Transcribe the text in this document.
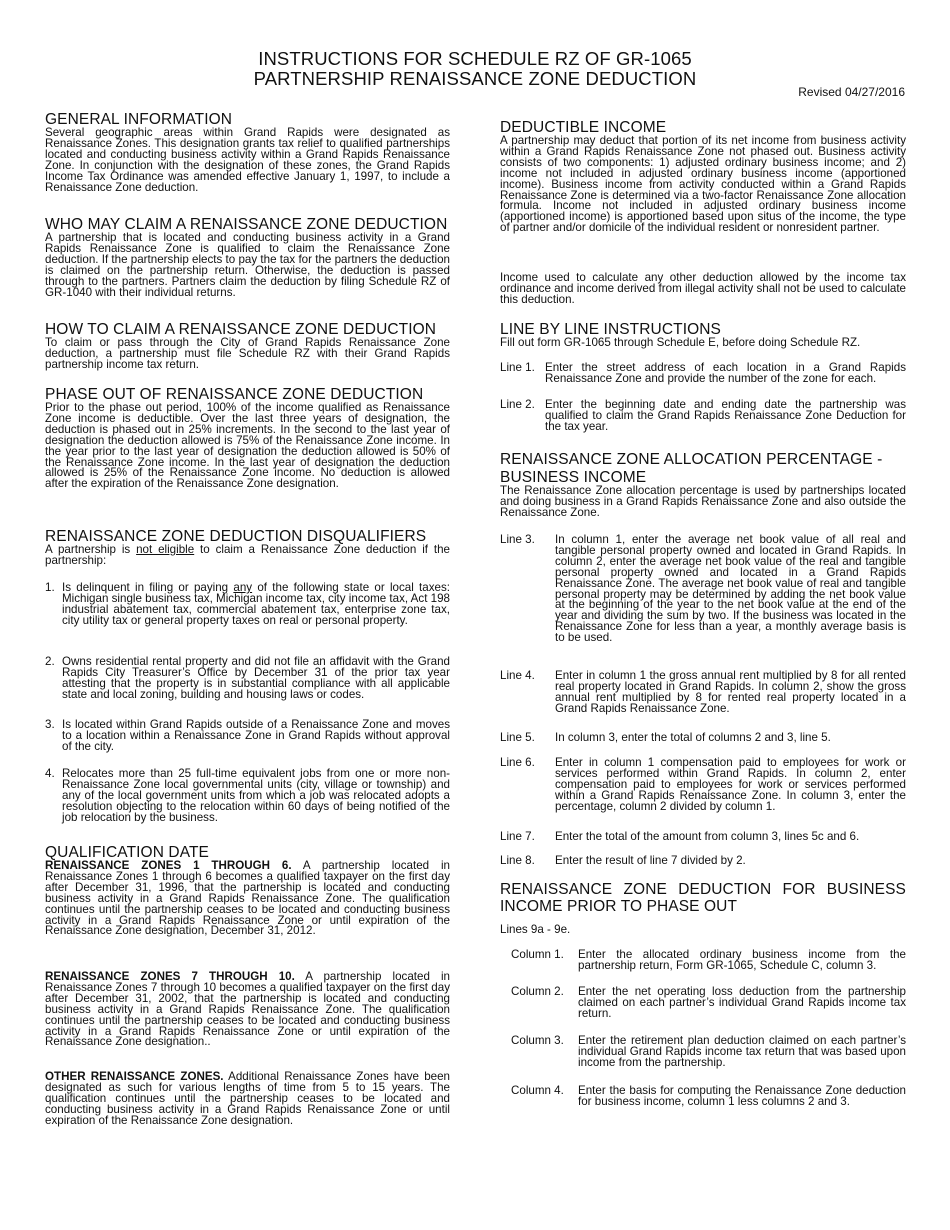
INSTRUCTIONS FOR SCHEDULE RZ OF GR-1065
PARTNERSHIP RENAISSANCE ZONE DEDUCTION
Revised 04/27/2016
GENERAL INFORMATION

Several geographic areas within Grand Rapids were designated as Renaissance Zones. This designation grants tax relief to qualified partnerships located and conducting business activity within a Grand Rapids Renaissance Zone. In conjunction with the designation of these zones, the Grand Rapids Income Tax Ordinance was amended effective January 1, 1997, to include a Renaissance Zone deduction.

WHO MAY CLAIM A RENAISSANCE ZONE DEDUCTION

A partnership that is located and conducting business activity in a Grand Rapids Renaissance Zone is qualified to claim the Renaissance Zone deduction. If the partnership elects to pay the tax for the partners the deduction is claimed on the partnership return. Otherwise, the deduction is passed through to the partners. Partners claim the deduction by filing Schedule RZ of GR-1040 with their individual returns.

HOW TO CLAIM A RENAISSANCE ZONE DEDUCTION

To claim or pass through the City of Grand Rapids Renaissance Zone deduction, a partnership must file Schedule RZ with their Grand Rapids partnership income tax return.

PHASE OUT OF RENAISSANCE ZONE DEDUCTION

Prior to the phase out period, 100% of the income qualified as Renaissance Zone income is deductible. Over the last three years of designation, the deduction is phased out in 25% increments. In the second to the last year of designation the deduction allowed is 75% of the Renaissance Zone income. In the year prior to the last year of designation the deduction allowed is 50% of the Renaissance Zone income. In the last year of designation the deduction allowed is 25% of the Renaissance Zone income. No deduction is allowed after the expiration of the Renaissance Zone designation.

RENAISSANCE ZONE DEDUCTION DISQUALIFIERS

A partnership is not eligible to claim a Renaissance Zone deduction if the partnership:

1. Is delinquent in filing or paying any of the following state or local taxes: Michigan single business tax, Michigan income tax, city income tax, Act 198 industrial abatement tax, commercial abatement tax, enterprise zone tax, city utility tax or general property taxes on real or personal property.
2. Owns residential rental property and did not file an affidavit with the Grand Rapids City Treasurer’s Office by December 31 of the prior tax year attesting that the property is in substantial compliance with all applicable state and local zoning, building and housing laws or codes.
3. Is located within Grand Rapids outside of a Renaissance Zone and moves to a location within a Renaissance Zone in Grand Rapids without approval of the city.
4. Relocates more than 25 full-time equivalent jobs from one or more non-Renaissance Zone local governmental units (city, village or township) and any of the local government units from which a job was relocated adopts a resolution objecting to the relocation within 60 days of being notified of the job relocation by the business.
QUALIFICATION DATE

RENAISSANCE ZONES 1 THROUGH 6. A partnership located in Renaissance Zones 1 through 6 becomes a qualified taxpayer on the first day after December 31, 1996, that the partnership is located and conducting business activity in a Grand Rapids Renaissance Zone. The qualification continues until the partnership ceases to be located and conducting business activity in a Grand Rapids Renaissance Zone or until expiration of the Renaissance Zone designation, December 31, 2012.

RENAISSANCE ZONES 7 THROUGH 10. A partnership located in Renaissance Zones 7 through 10 becomes a qualified taxpayer on the first day after December 31, 2002, that the partnership is located and conducting business activity in a Grand Rapids Renaissance Zone. The qualification continues until the partnership ceases to be located and conducting business activity in a Grand Rapids Renaissance Zone or until expiration of the Renaissance Zone designation..

OTHER RENAISSANCE ZONES. Additional Renaissance Zones have been designated as such for various lengths of time from 5 to 15 years. The qualification continues until the partnership ceases to be located and conducting business activity in a Grand Rapids Renaissance Zone or until expiration of the Renaissance Zone designation.

DEDUCTIBLE INCOME

A partnership may deduct that portion of its net income from business activity within a Grand Rapids Renaissance Zone not phased out. Business activity consists of two components: 1) adjusted ordinary business income; and 2) income not included in adjusted ordinary business income (apportioned income). Business income from activity conducted within a Grand Rapids Renaissance Zone is determined via a two-factor Renaissance Zone allocation formula. Income not included in adjusted ordinary business income (apportioned income) is apportioned based upon situs of the income, the type of partner and/or domicile of the individual resident or nonresident partner.

Income used to calculate any other deduction allowed by the income tax ordinance and income derived from illegal activity shall not be used to calculate this deduction.

LINE BY LINE INSTRUCTIONS

Fill out form GR-1065 through Schedule E, before doing Schedule RZ.

Line 1. Enter the street address of each location in a Grand Rapids Renaissance Zone and provide the number of the zone for each.
Line 2. Enter the beginning date and ending date the partnership was qualified to claim the Grand Rapids Renaissance Zone Deduction for the tax year.
RENAISSANCE ZONE ALLOCATION PERCENTAGE -
BUSINESS INCOME

The Renaissance Zone allocation percentage is used by partnerships located and doing business in a Grand Rapids Renaissance Zone and also outside the Renaissance Zone.

Line 3. In column 1, enter the average net book value of all real and tangible personal property owned and located in Grand Rapids. In column 2, enter the average net book value of the real and tangible personal property owned and located in a Grand Rapids Renaissance Zone. The average net book value of real and tangible personal property may be determined by adding the net book value at the beginning of the year to the net book value at the end of the year and dividing the sum by two. If the business was located in the Renaissance Zone for less than a year, a monthly average basis is to be used.
Line 4. Enter in column 1 the gross annual rent multiplied by 8 for all rented real property located in Grand Rapids. In column 2, show the gross annual rent multiplied by 8 for rented real property located in a Grand Rapids Renaissance Zone.
Line 5. In column 3, enter the total of columns 2 and 3, line 5.
Line 6. Enter in column 1 compensation paid to employees for work or services performed within Grand Rapids. In column 2, enter compensation paid to employees for work or services performed within a Grand Rapids Renaissance Zone. In column 3, enter the percentage, column 2 divided by column 1.
Line 7. Enter the total of the amount from column 3, lines 5c and 6.
Line 8. Enter the result of line 7 divided by 2.
RENAISSANCE ZONE DEDUCTION FOR BUSINESS
INCOME PRIOR TO PHASE OUT

Lines 9a - 9e.

Column 1. Enter the allocated ordinary business income from the partnership return, Form GR-1065, Schedule C, column 3.
Column 2. Enter the net operating loss deduction from the partnership claimed on each partner’s individual Grand Rapids income tax return.
Column 3. Enter the retirement plan deduction claimed on each partner’s individual Grand Rapids income tax return that was based upon income from the partnership.
Column 4. Enter the basis for computing the Renaissance Zone deduction for business income, column 1 less columns 2 and 3.
